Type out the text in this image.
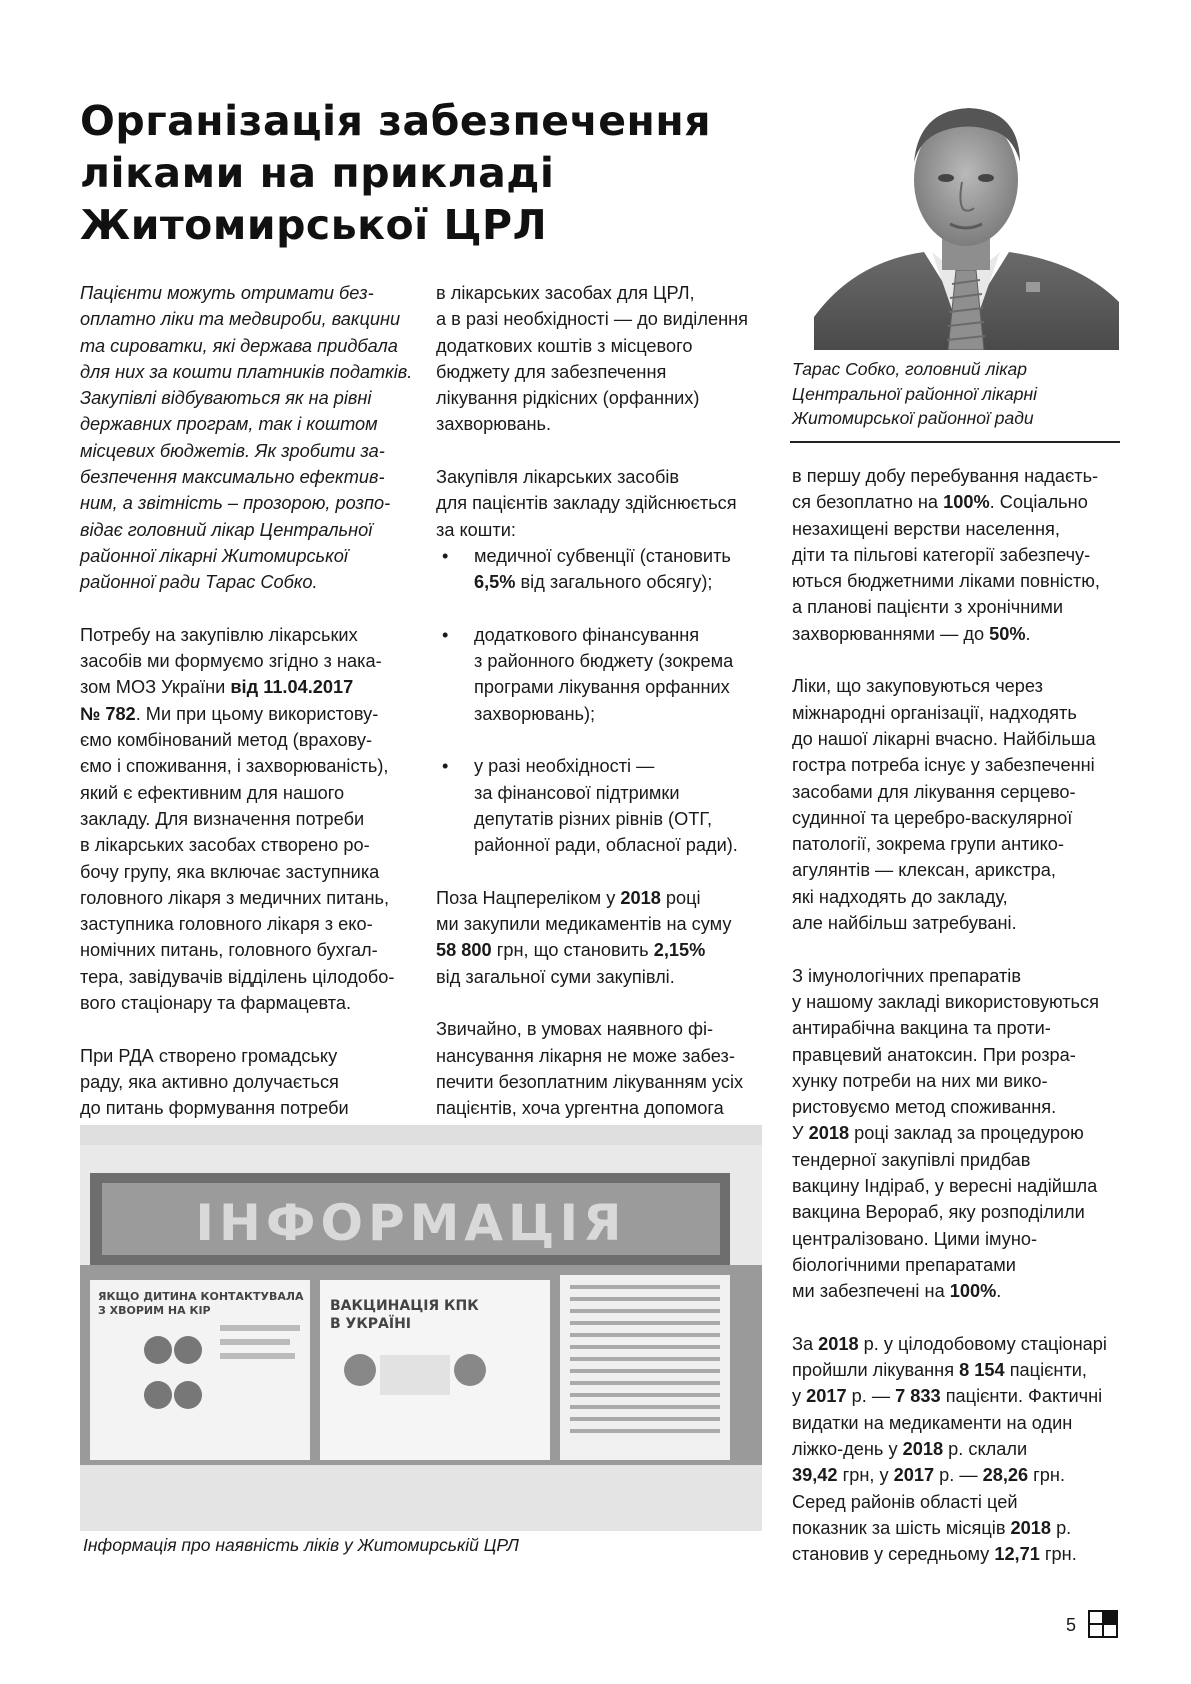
Організація забезпечення
ліками на прикладі
Житомирської ЦРЛ
Тарас Собко, головний лікар
Центральної районної лікарні
Житомирської районної ради
Пацієнти можуть отримати без-
оплатно ліки та медвироби, вакцини
та сироватки, які держава придбала
для них за кошти платників податків.
Закупівлі відбуваються як на рівні
державних програм, так і коштом
місцевих бюджетів. Як зробити за-
безпечення максимально ефектив-
ним, а звітність – прозорою, розпо-
відає головний лікар Центральної
районної лікарні Житомирської
районної ради Тарас Собко.
Потребу на закупівлю лікарських
засобів ми формуємо згідно з нака-
зом МОЗ України від 11.04.2017
№ 782. Ми при цьому використову-
ємо комбінований метод (врахову-
ємо і споживання, і захворюваність),
який є ефективним для нашого
закладу. Для визначення потреби
в лікарських засобах створено ро-
бочу групу, яка включає заступника
головного лікаря з медичних питань,
заступника головного лікаря з еко-
номічних питань, головного бухгал-
тера, завідувачів відділень цілодобо-
вого стаціонару та фармацевта.
При РДА створено громадську
раду, яка активно долучається
до питань формування потреби
в лікарських засобах для ЦРЛ,
а в разі необхідності — до виділення
додаткових коштів з місцевого
бюджету для забезпечення
лікування рідкісних (орфанних)
захворювань.
Закупівля лікарських засобів
для пацієнтів закладу здійснюється
за кошти:
• медичної субвенції (становить
6,5% від загального обсягу);
• додаткового фінансування
з районного бюджету (зокрема
програми лікування орфанних
захворювань);
• у разі необхідності —
за фінансової підтримки
депутатів різних рівнів (ОТГ,
районної ради, обласної ради).
Поза Нацпереліком у 2018 році
ми закупили медикаментів на суму
58 800 грн, що становить 2,15%
від загальної суми закупівлі.
Звичайно, в умовах наявного фі-
нансування лікарня не може забез-
печити безоплатним лікуванням усіх
пацієнтів, хоча ургентна допомога
в першу добу перебування надаєть-
ся безоплатно на 100%. Соціально
незахищені верстви населення,
діти та пільгові категорії забезпечу-
ються бюджетними ліками повністю,
а планові пацієнти з хронічними
захворюваннями — до 50%.
Ліки, що закуповуються через
міжнародні організації, надходять
до нашої лікарні вчасно. Найбільша
гостра потреба існує у забезпеченні
засобами для лікування серцево-
судинної та церебро-васкулярної
патології, зокрема групи антико-
агулянтів — клексан, арикстра,
які надходять до закладу,
але найбільш затребувані.
З імунологічних препаратів
у нашому закладі використовуються
антирабічна вакцина та проти-
правцевий анатоксин. При розра-
хунку потреби на них ми вико-
ристовуємо метод споживання.
У 2018 році заклад за процедурою
тендерної закупівлі придбав
вакцину Індіраб, у вересні надійшла
вакцина Верораб, яку розподілили
централізовано. Цими імуно-
біологічними препаратами
ми забезпечені на 100%.
За 2018 р. у цілодобовому стаціонарі
пройшли лікування 8 154 пацієнти,
у 2017 р. — 7 833 пацієнти. Фактичні
видатки на медикаменти на один
ліжко-день у 2018 р. склали
39,42 грн, у 2017 р. — 28,26 грн.
Серед районів області цей
показник за шість місяців 2018 р.
становив у середньому 12,71 грн.
ІНФОРМАЦІЯ
ЯКЩО ДИТИНА КОНТАКТУВАЛА
З ХВОРИМ НА КІР	ВАКЦИНАЦІЯ КПК
В УКРАЇНІ
Інформація про наявність ліків у Житомирській ЦРЛ
5
